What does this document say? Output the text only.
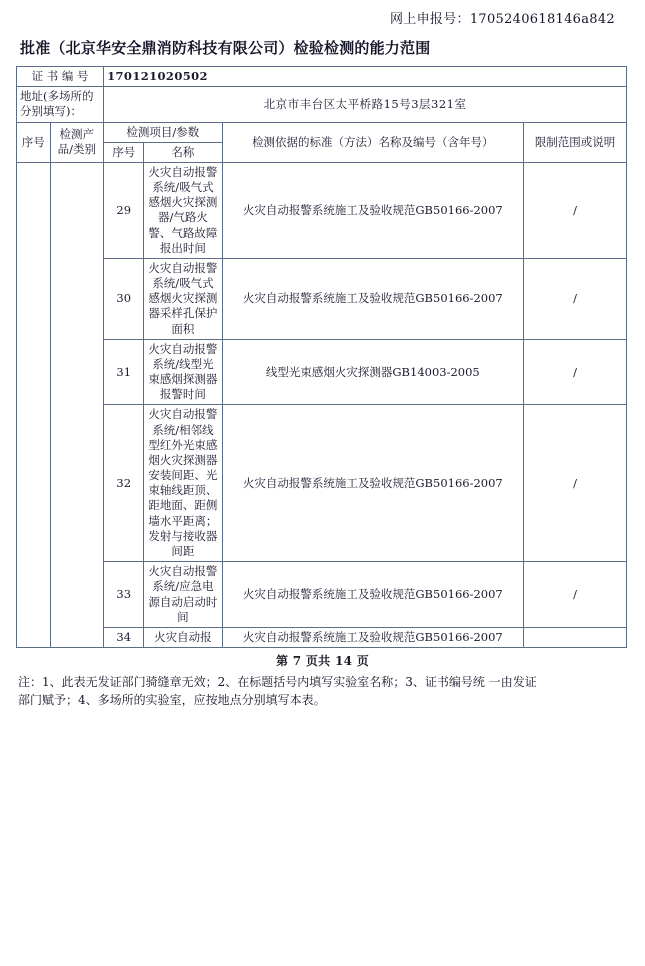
网上申报号：1705240618146a842
批准（北京华安全鼎消防科技有限公司）检验检测的能力范围
证 书 编 号		170121020502			
地址(多场所的分别填写)：		北京市丰台区太平桥路15号3层321室			
序号	检测产品/类别	检测项目/参数		检测依据的标准（方法）名称及编号（含年号）	限制范围或说明
		序号	名称		
		29	火灾自动报警系统/吸气式感烟火灾探测器/气路火警、气路故障报出时间	火灾自动报警系统施工及验收规范GB50166-2007	/
		30	火灾自动报警系统/吸气式感烟火灾探测器采样孔保护面积	火灾自动报警系统施工及验收规范GB50166-2007	/
		31	火灾自动报警系统/线型光束感烟探测器报警时间	线型光束感烟火灾探测器GB14003-2005	/
		32	火灾自动报警系统/相邻线型红外光束感烟火灾探测器安装间距、光束轴线距顶、距地面、距侧墙水平距离；发射与接收器间距	火灾自动报警系统施工及验收规范GB50166-2007	/
		33	火灾自动报警系统/应急电源自动启动时间	火灾自动报警系统施工及验收规范GB50166-2007	/
		34	火灾自动报	火灾自动报警系统施工及验收规范GB50166-2007	
第 7 页共 14 页
注：1、此表无发证部门骑缝章无效；2、在标题括号内填写实验室名称；3、证书编号统 一由发证
部门赋予；4、多场所的实验室，应按地点分别填写本表。
